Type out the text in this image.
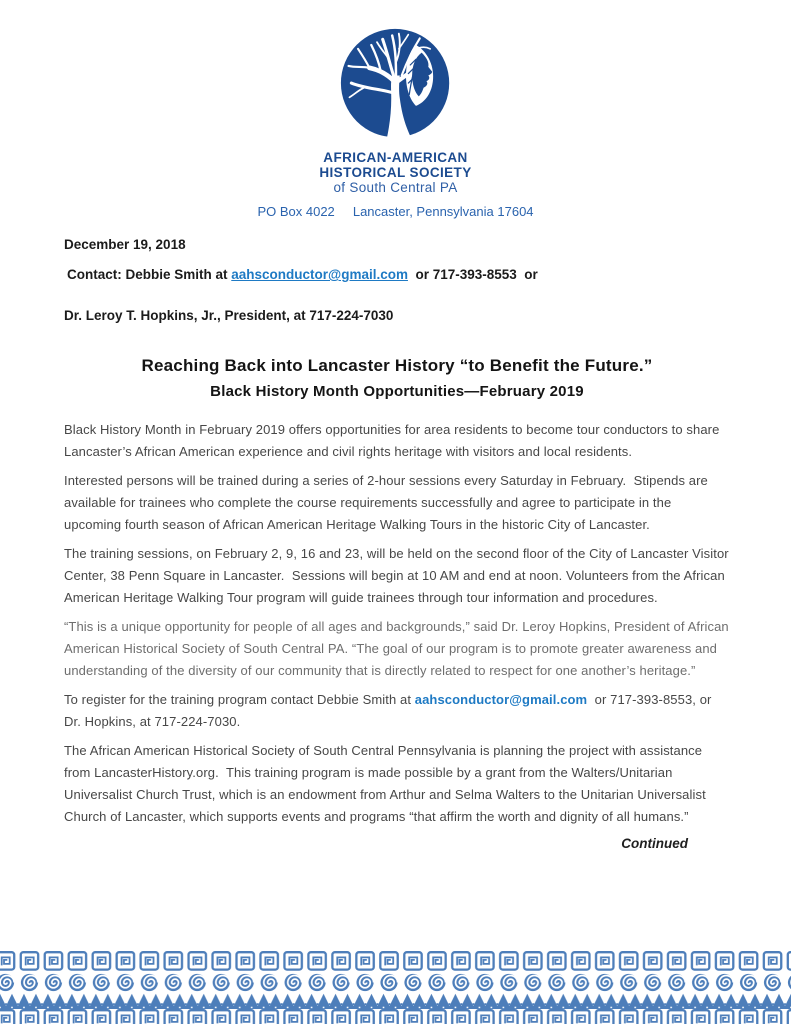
AFRICAN-AMERICAN
HISTORICAL SOCIETY
of South Central PA
PO Box 4022     Lancaster, Pennsylvania 17604

December 19, 2018

Contact: Debbie Smith at aahsconductor@gmail.com  or 717-393-8553  or

Dr. Leroy T. Hopkins, Jr., President, at 717-224-7030

Reaching Back into Lancaster History “to Benefit the Future.”
Black History Month Opportunities—February 2019

Black History Month in February 2019 offers opportunities for area residents to become tour conductors to share Lancaster’s African American experience and civil rights heritage with visitors and local residents.

Interested persons will be trained during a series of 2-hour sessions every Saturday in February.  Stipends are available for trainees who complete the course requirements successfully and agree to participate in the upcoming fourth season of African American Heritage Walking Tours in the historic City of Lancaster.

The training sessions, on February 2, 9, 16 and 23, will be held on the second floor of the City of Lancaster Visitor Center, 38 Penn Square in Lancaster.  Sessions will begin at 10 AM and end at noon. Volunteers from the African American Heritage Walking Tour program will guide trainees through tour information and procedures.

“This is a unique opportunity for people of all ages and backgrounds,” said Dr. Leroy Hopkins, President of African American Historical Society of South Central PA. “The goal of our program is to promote greater awareness and understanding of the diversity of our community that is directly related to respect for one another’s heritage.”

To register for the training program contact Debbie Smith at aahsconductor@gmail.com  or 717-393-8553, or Dr. Hopkins, at 717-224-7030.

The African American Historical Society of South Central Pennsylvania is planning the project with assistance from LancasterHistory.org.  This training program is made possible by a grant from the Walters/Unitarian Universalist Church Trust, which is an endowment from Arthur and Selma Walters to the Unitarian Universalist Church of Lancaster, which supports events and programs “that affirm the worth and dignity of all humans.”

Continued
